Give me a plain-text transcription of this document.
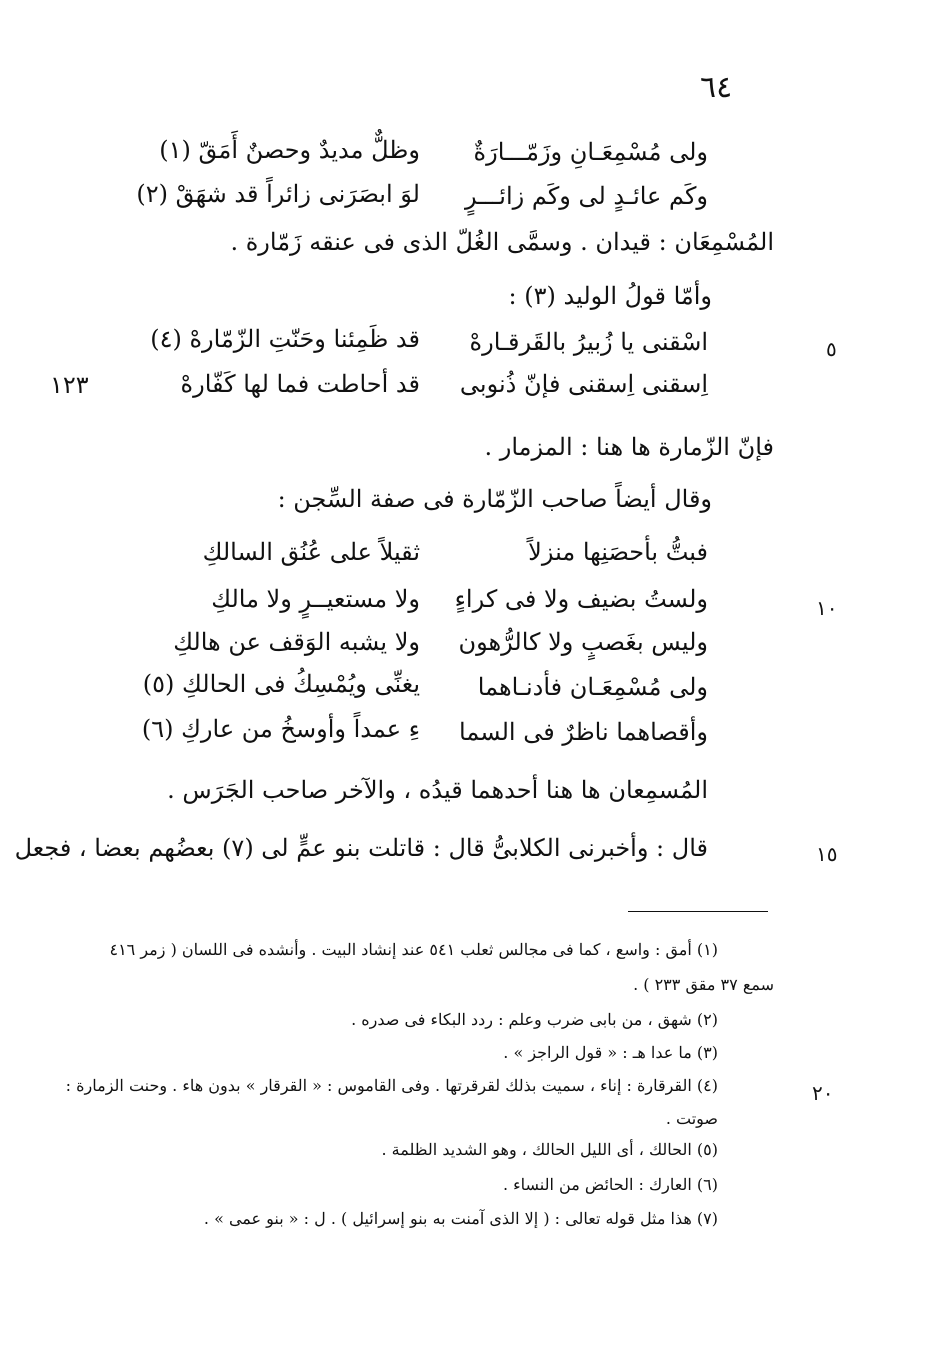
٦٤
٥
١٢٣
١٠
١٥
٢٠
ولى مُسْمِعَـانِ وزَمّـــارَةٌ
وظلٌّ مديدٌ وحصنٌ أَمَقّ (١)
وكَم عائـدٍ لى وكَم زائـــرٍ
لوَ ابصَرَنى زائراً قد شهَقْ (٢)
المُسْمِعَان : قيدان . وسمَّى الغُلّ الذى فى عنقه زَمّارة .
وأمّا قولُ الوليد (٣) :
اسْقنى يا زُبيرُ بالقَرقـارهْ
قد ظَمِئنا وحَنّتِ الزّمّارهْ (٤)
اِسقنى اِسقنى فإنّ ذُنوبى
قد أحاطت فما لها كَفّارهْ
فإنّ الزّمارة ها هنا : المزمار .
وقال أيضاً صاحب الزّمّارة فى صفة السِّجن :
فبتُّ بأحصَنِها منزلاً
ثقيلاً على عُنُق السالكِ
ولستُ بضيف ولا فى كراءٍ
ولا مستعيــرٍ ولا مالكِ
وليس بغَصبٍ ولا كالرُّهون
ولا يشبه الوَقف عن هالكِ
ولى مُسْمِعَـان فأدنـاهما
يغنِّى ويُمْسِكُ فى الحالكِ (٥)
وأقصاهما ناظرٌ فى السما
ءِ عمداً وأوسخُ من عاركِ (٦)
المُسمِعان ها هنا أحدهما قيدُه ، والآخر صاحب الجَرَس .
قال : وأخبرنى الكلابىُّ قال : قاتلت بنو عمٍّ لى (٧) بعضُهم بعضا ، فجعل
(١) أمق : واسع ، كما فى مجالس ثعلب ٥٤١ عند إنشاد البيت . وأنشده فى اللسان ( زمر ٤١٦
سمع ٣٧ مقق ٢٣٣ ) .
(٢) شهق ، من بابى ضرب وعلم : ردد البكاء فى صدره .
(٣) ما عدا هـ : « قول الراجز » .
(٤) القرقارة : إناء ، سميت بذلك لقرقرتها . وفى القاموس : « القرقار » بدون هاء . وحنت الزمارة :
صوتت .
(٥) الحالك ، أى الليل الحالك ، وهو الشديد الظلمة .
(٦) العارك : الحائض من النساء .
(٧) هذا مثل قوله تعالى : ( إلا الذى آمنت به بنو إسرائيل ) . ل : « بنو عمى » .
